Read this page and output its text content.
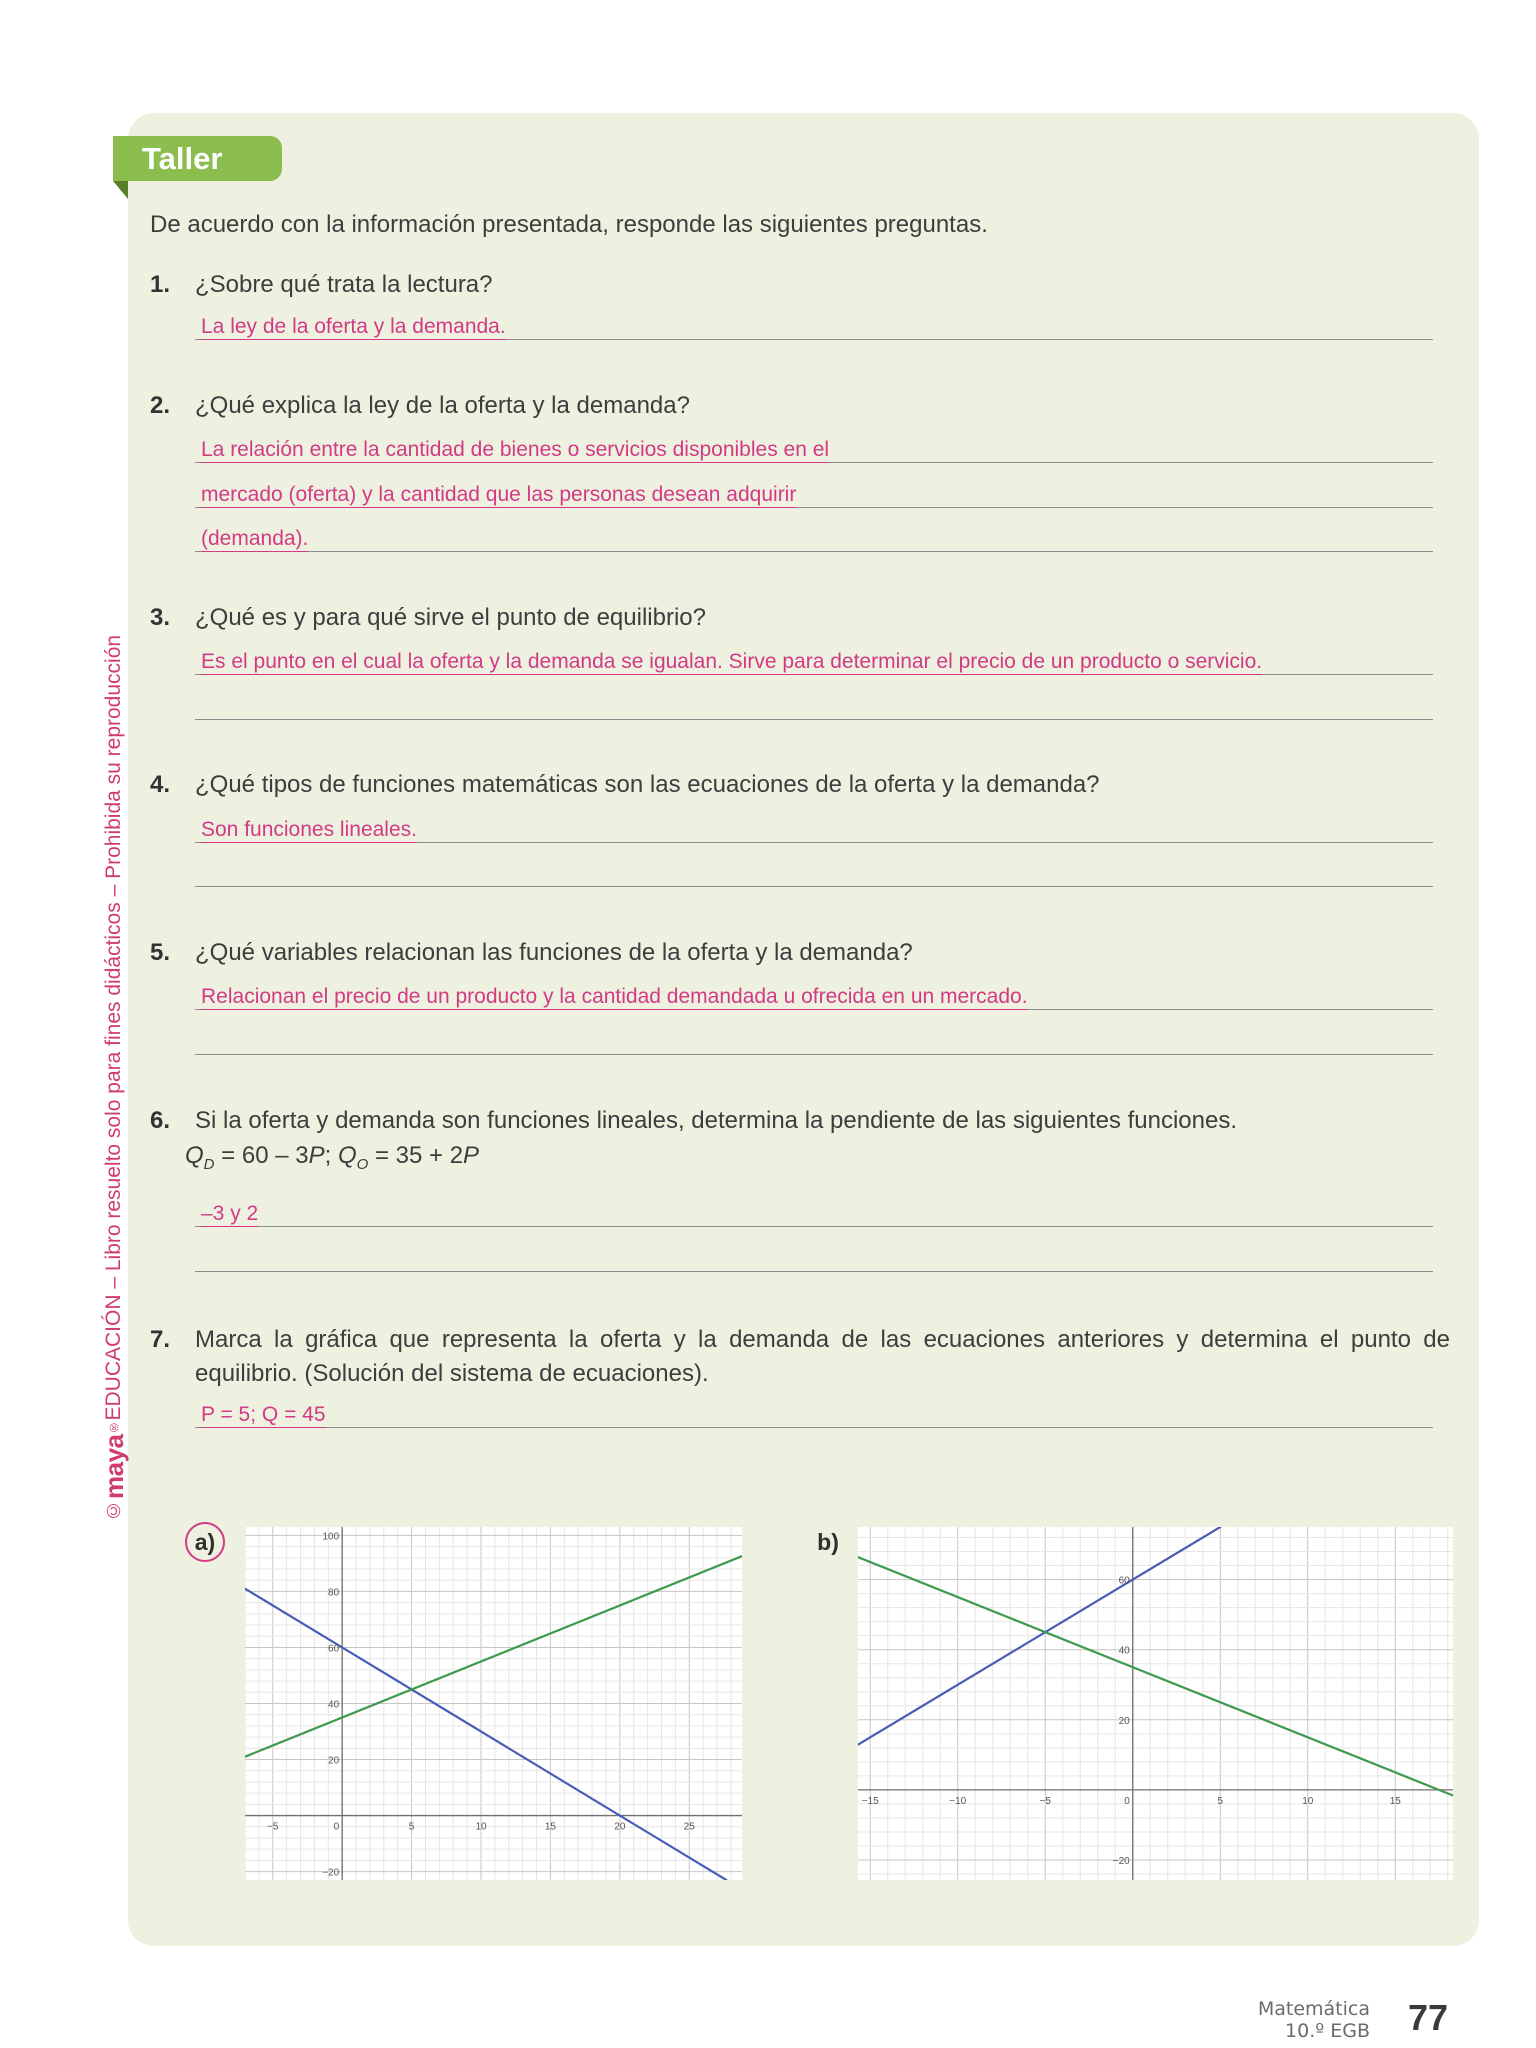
©maya®EDUCACIÓN – Libro resuelto solo para fines didácticos – Prohibida su reproducción
Taller
De acuerdo con la información presentada, responde las siguientes preguntas.
1. ¿Sobre qué trata la lectura?
La ley de la oferta y la demanda.
2. ¿Qué explica la ley de la oferta y la demanda?
La relación entre la cantidad de bienes o servicios disponibles en el
mercado (oferta) y la cantidad que las personas desean adquirir
(demanda).
3. ¿Qué es y para qué sirve el punto de equilibrio?
Es el punto en el cual la oferta y la demanda se igualan. Sirve para determinar el precio de un producto o servicio.
4. ¿Qué tipos de funciones matemáticas son las ecuaciones de la oferta y la demanda?
Son funciones lineales.
5. ¿Qué variables relacionan las funciones de la oferta y la demanda?
Relacionan el precio de un producto y la cantidad demandada u ofrecida en un mercado.
6. Si la oferta y demanda son funciones lineales, determina la pendiente de las siguientes funciones.
$Q_D = 60 - 3P$; $Q_O = 35 + 2P$
–3 y 2
7. Marca la gráfica que representa la oferta y la demanda de las ecuaciones anteriores y determina el punto de equilibrio. (Solución del sistema de ecuaciones).
P = 5; Q = 45
a)
−5	0	5	10	15	20	25
−20
20
40
60
80
100	b)
−15	−10	−5	0	5	10	15
−20
20
40
60
Matemática
10.º EGB 77
